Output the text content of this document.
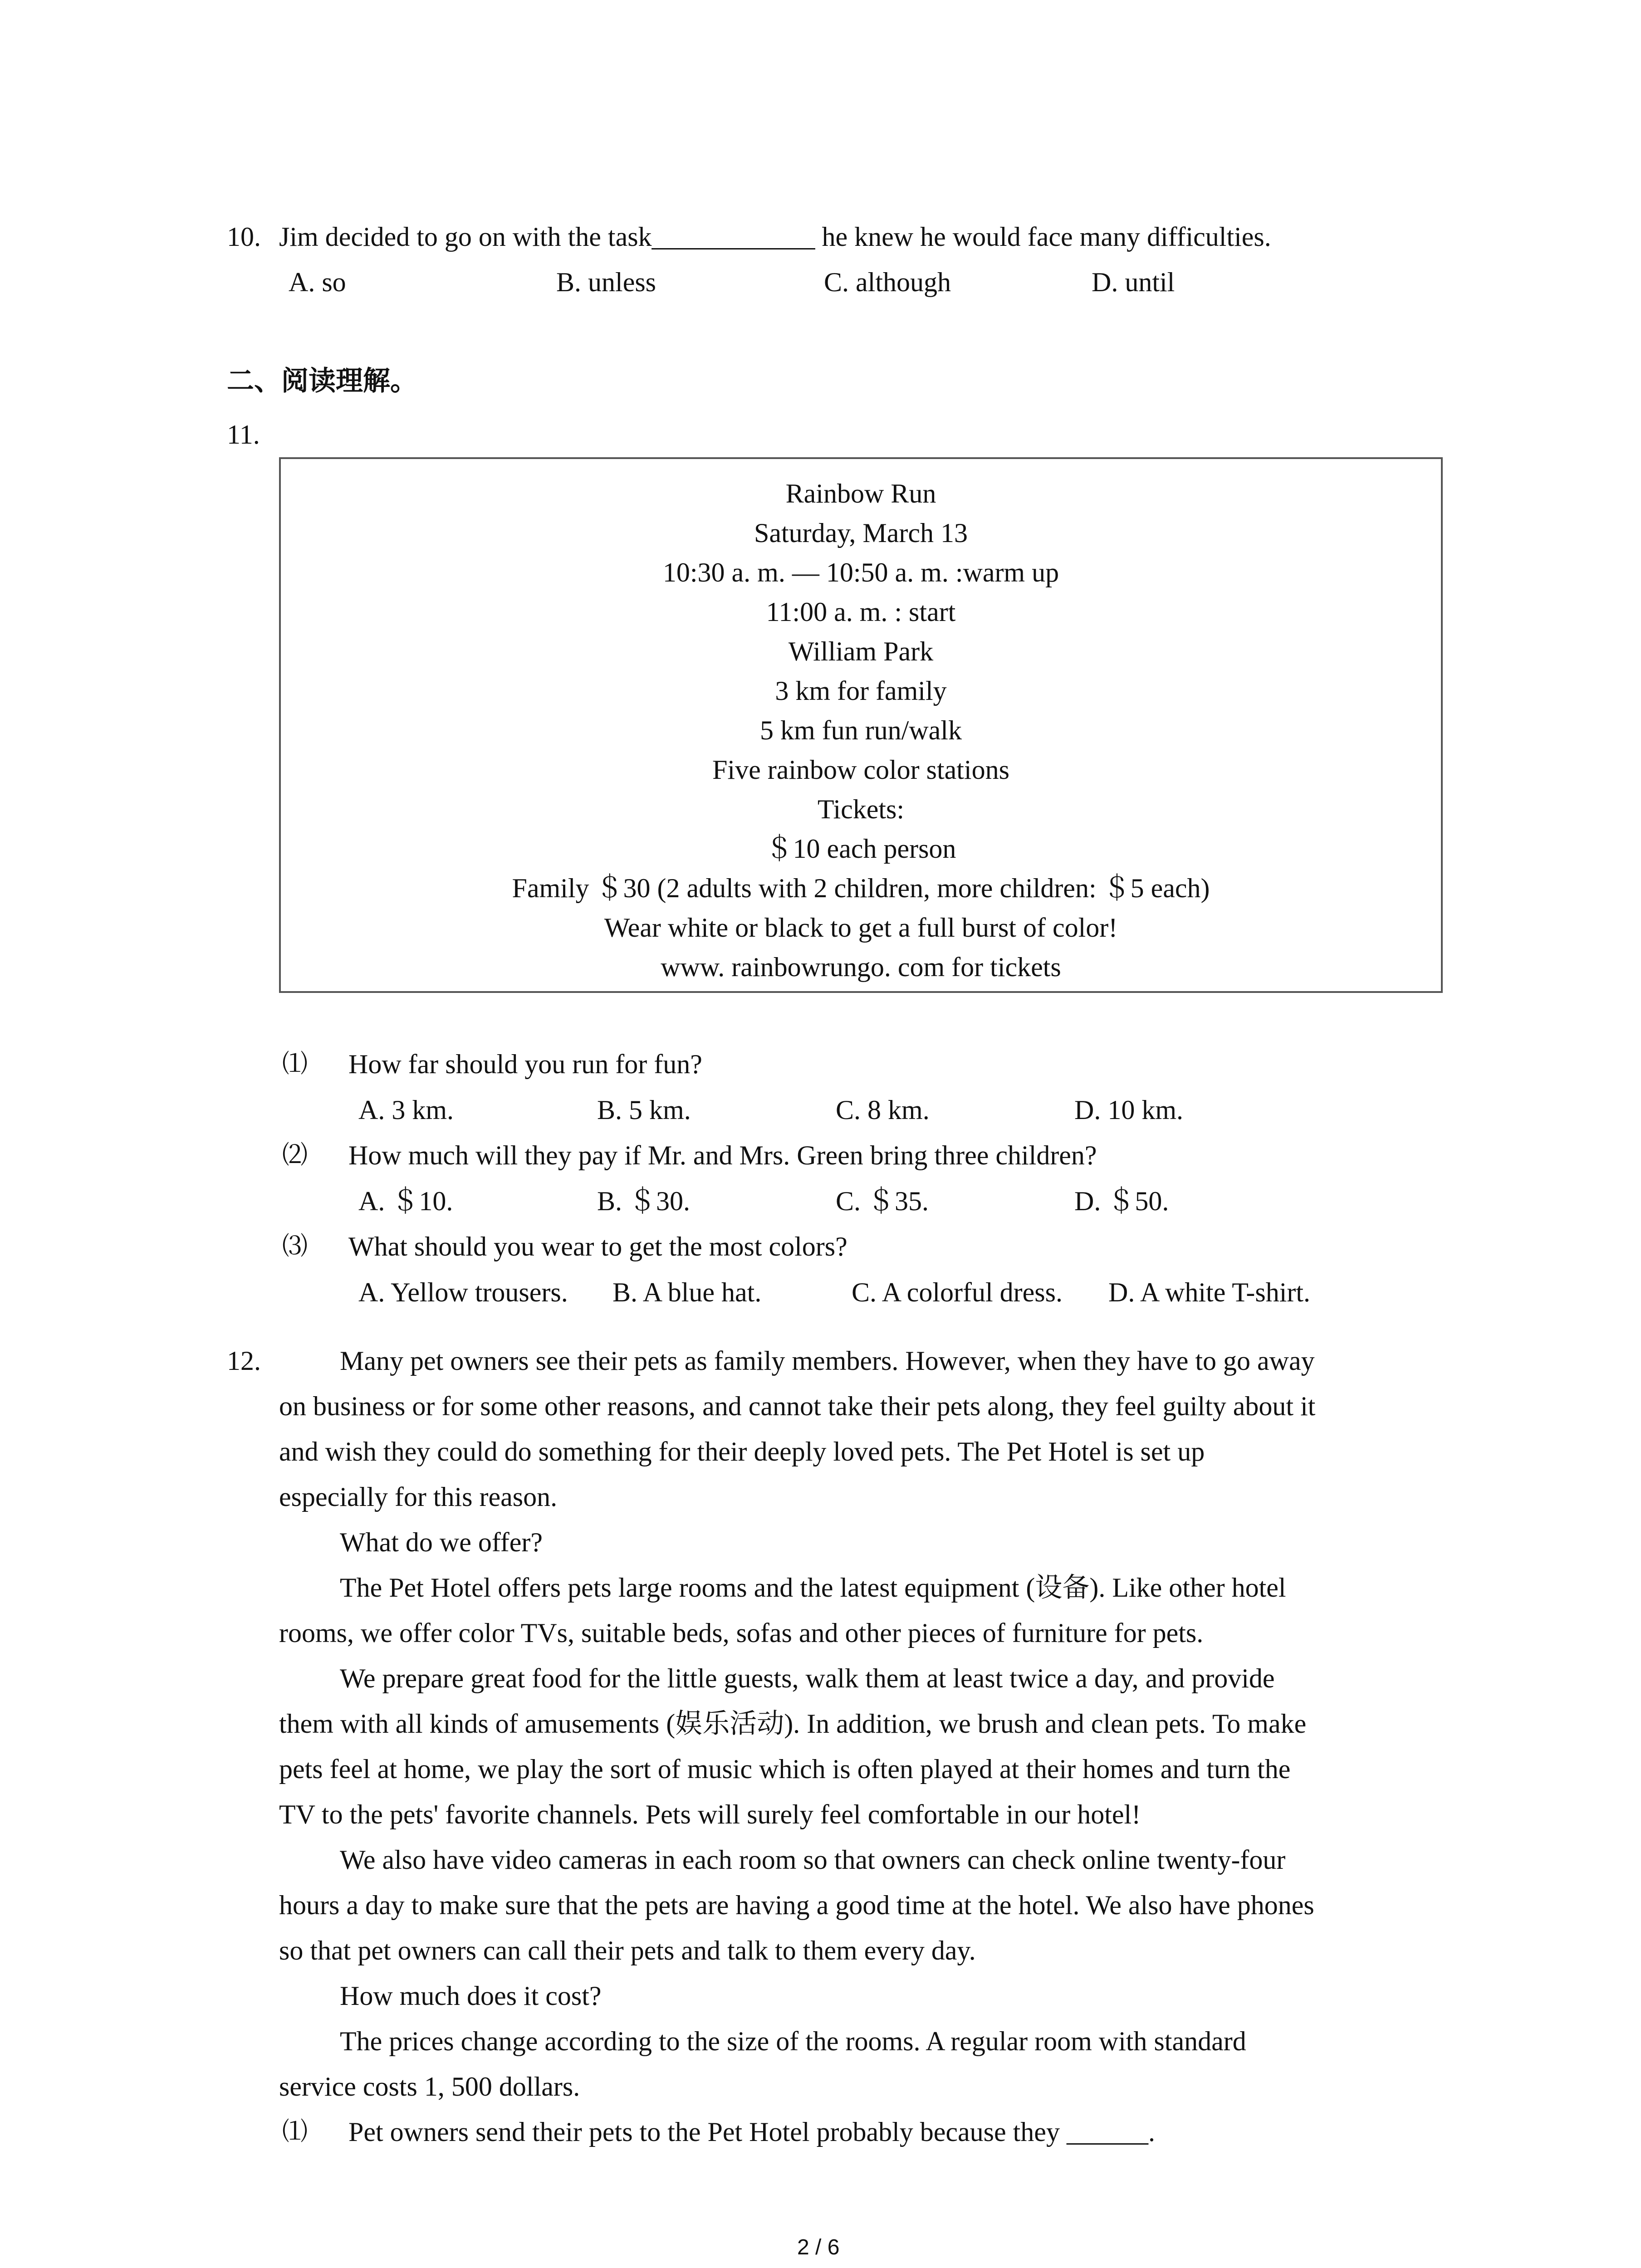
10. Jim decided to go on with the task____________ he knew he would face many difficulties.
A. so	B. unless	C. although	D. until
二、阅读理解。
11.
Rainbow Run
Saturday, March 13
10:30 a. m. — 10:50 a. m. :warm up
11:00 a. m. : start
William Park
3 km for family
5 km fun run/walk
Five rainbow color stations
Tickets:
＄10 each person
Family ＄30 (2 adults with 2 children, more children: ＄5 each)
Wear white or black to get a full burst of color!
www. rainbowrungo. com for tickets
⑴ How far should you run for fun?
A. 3 km.	B. 5 km.	C. 8 km.	D. 10 km.
⑵ How much will they pay if Mr. and Mrs. Green bring three children?
A. ＄10.	B. ＄30.	C. ＄35.	D. ＄50.
⑶ What should you wear to get the most colors?
A. Yellow trousers. B. A blue hat.	C. A colorful dress. D. A white T-shirt.
12.	Many pet owners see their pets as family members. However, when they have to go away
on business or for some other reasons, and cannot take their pets along, they feel guilty about it
and wish they could do something for their deeply loved pets. The Pet Hotel is set up
especially for this reason.
What do we offer?
The Pet Hotel offers pets large rooms and the latest equipment (设备). Like other hotel
rooms, we offer color TVs, suitable beds, sofas and other pieces of furniture for pets.
We prepare great food for the little guests, walk them at least twice a day, and provide
them with all kinds of amusements (娱乐活动). In addition, we brush and clean pets. To make
pets feel at home, we play the sort of music which is often played at their homes and turn the
TV to the pets' favorite channels. Pets will surely feel comfortable in our hotel!
We also have video cameras in each room so that owners can check online twenty-four
hours a day to make sure that the pets are having a good time at the hotel. We also have phones
so that pet owners can call their pets and talk to them every day.
How much does it cost?
The prices change according to the size of the rooms. A regular room with standard
service costs 1, 500 dollars.
⑴ Pet owners send their pets to the Pet Hotel probably because they ______.
2 / 6
